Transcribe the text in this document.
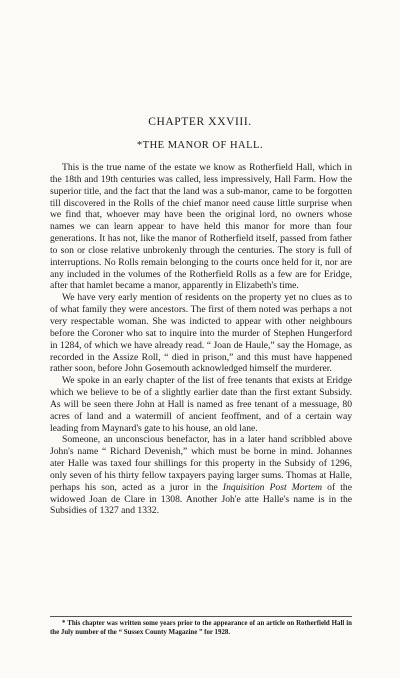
CHAPTER XXVIII.
*THE MANOR OF HALL.

This is the true name of the estate we know as Rotherfield Hall, which in the 18th and 19th centuries was called, less impressively, Hall Farm. How the superior title, and the fact that the land was a sub-manor, came to be forgotten till discovered in the Rolls of the chief manor need cause little surprise when we find that, whoever may have been the original lord, no owners whose names we can learn appear to have held this manor for more than four generations. It has not, like the manor of Rotherfield itself, passed from father to son or close relative unbrokenly through the centuries. The story is full of interruptions. No Rolls remain belonging to the courts once held for it, nor are any included in the volumes of the Rotherfield Rolls as a few are for Eridge, after that hamlet became a manor, apparently in Elizabeth's time.

We have very early mention of residents on the property yet no clues as to of what family they were ancestors. The first of them noted was perhaps a not very respectable woman. She was indicted to appear with other neighbours before the Coroner who sat to inquire into the murder of Stephen Hungerford in 1284, of which we have already read. “ Joan de Haule,” say the Homage, as recorded in the Assize Roll, “ died in prison,” and this must have happened rather soon, before John Gosemouth acknowledged himself the murderer.

We spoke in an early chapter of the list of free tenants that exists at Eridge which we believe to be of a slightly earlier date than the first extant Subsidy. As will be seen there John at Hall is named as free tenant of a messuage, 80 acres of land and a watermill of ancient feoffment, and of a certain way leading from Maynard's gate to his house, an old lane.

Someone, an unconscious benefactor, has in a later hand scribbled above John's name “ Richard Devenish,” which must be borne in mind. Johannes ater Halle was taxed four shillings for this property in the Subsidy of 1296, only seven of his thirty fellow taxpayers paying larger sums. Thomas at Halle, perhaps his son, acted as a juror in the Inquisition Post Mortem of the widowed Joan de Clare in 1308. Another Joh'e atte Halle's name is in the Subsidies of 1327 and 1332.

* This chapter was written some years prior to the appearance of an article on Rotherfield Hall in the July number of the “ Sussex County Magazine ” for 1928.
